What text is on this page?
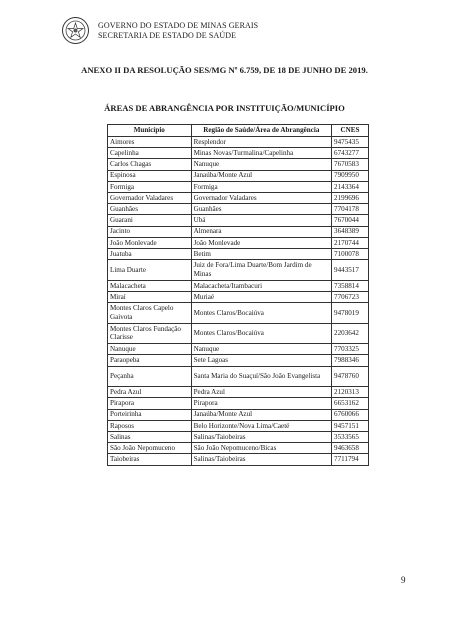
GOVERNO DO ESTADO DE MINAS GERAIS
SECRETARIA DE ESTADO DE SAÚDE
ANEXO II DA RESOLUÇÃO SES/MG Nº 6.759, DE 18 DE JUNHO DE 2019.
ÁREAS DE ABRANGÊNCIA POR INSTITUIÇÃO/MUNICÍPIO
Município	Região de Saúde/Área de Abrangência	CNES
Aimores	Resplendor	9475435
Capelinha	Minas Novas/Turmalina/Capelinha	6743277
Carlos Chagas	Nanuque	7670583
Espinosa	Janaúba/Monte Azul	7909950
Formiga	Formiga	2143364
Governador Valadares	Governador Valadares	2199696
Guanhães	Guanhães	7704178
Guarani	Ubá	7670044
Jacinto	Almenara	3648389
João Monlevade	João Monlevade	2170744
Juatuba	Betim	7100078
Lima Duarte	Juiz de Fora/Lima Duarte/Bom Jardim de Minas	9443517
Malacacheta	Malacacheta/Itambacuri	7358814
Miraí	Muriaé	7706723
Montes Claros Capelo Gaivota	Montes Claros/Bocaiúva	9478019
Montes Claros Fundação Clarisse	Montes Claros/Bocaiúva	2203642
Nanuque	Nanuque	7703325
Paraopeba	Sete Lagoas	7988346
Peçanha	Santa Maria do Suaçuí/São João Evangelista	9478760
Pedra Azul	Pedra Azul	2120313
Pirapora	Pirapora	6653162
Porteirinha	Janaúba/Monte Azul	6760066
Raposos	Belo Horizonte/Nova Lima/Caeté	9457151
Salinas	Salinas/Taiobeiras	3533565
São João Nepomuceno	São João Nepomuceno/Bicas	9463658
Taiobeiras	Salinas/Taiobeiras	7711794
9
